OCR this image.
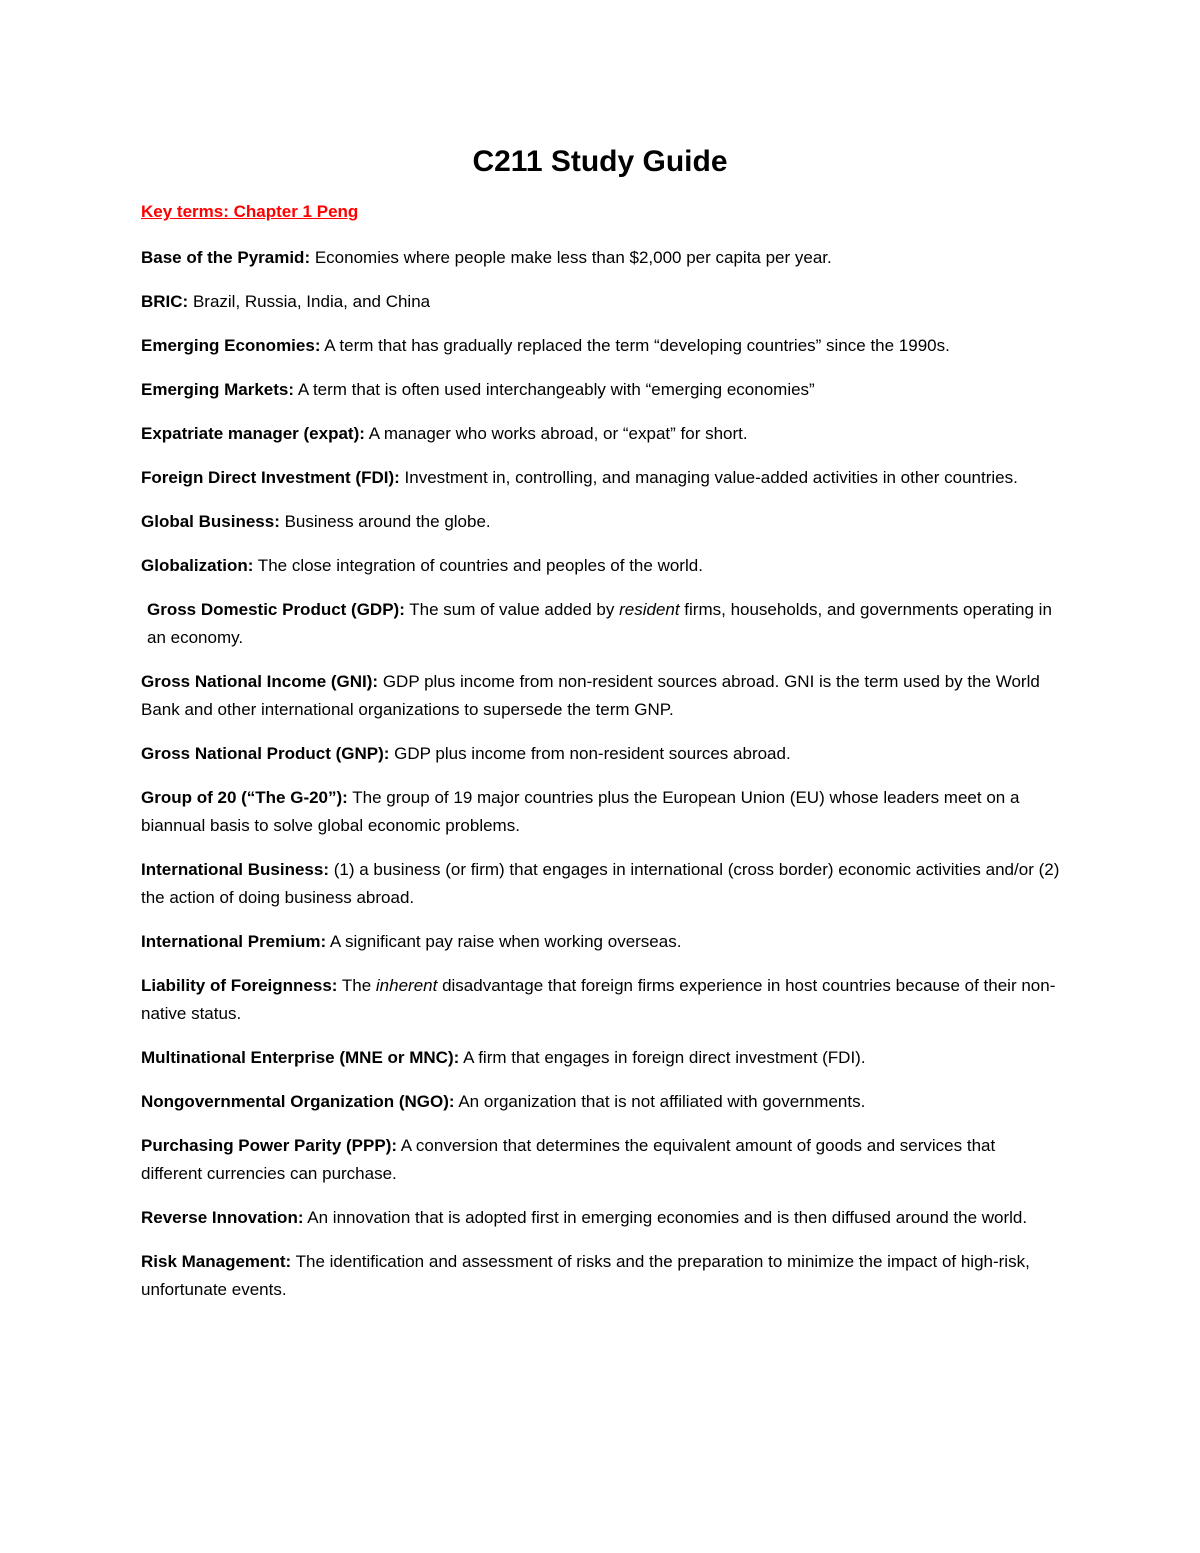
C211 Study Guide
Key terms: Chapter 1 Peng

Base of the Pyramid: Economies where people make less than $2,000 per capita per year.

BRIC: Brazil, Russia, India, and China

Emerging Economies: A term that has gradually replaced the term “developing countries” since the 1990s.

Emerging Markets: A term that is often used interchangeably with “emerging economies”

Expatriate manager (expat): A manager who works abroad, or “expat” for short.

Foreign Direct Investment (FDI): Investment in, controlling, and managing value-added activities in other countries.

Global Business: Business around the globe.

Globalization: The close integration of countries and peoples of the world.

Gross Domestic Product (GDP): The sum of value added by resident firms, households, and governments operating in an economy.

Gross National Income (GNI): GDP plus income from non-resident sources abroad. GNI is the term used by the World Bank and other international organizations to supersede the term GNP.

Gross National Product (GNP): GDP plus income from non-resident sources abroad.

Group of 20 (“The G-20”): The group of 19 major countries plus the European Union (EU) whose leaders meet on a biannual basis to solve global economic problems.

International Business: (1) a business (or firm) that engages in international (cross border) economic activities and/or (2) the action of doing business abroad.

International Premium: A significant pay raise when working overseas.

Liability of Foreignness: The inherent disadvantage that foreign firms experience in host countries because of their non-native status.

Multinational Enterprise (MNE or MNC): A firm that engages in foreign direct investment (FDI).

Nongovernmental Organization (NGO): An organization that is not affiliated with governments.

Purchasing Power Parity (PPP): A conversion that determines the equivalent amount of goods and services that different currencies can purchase.

Reverse Innovation: An innovation that is adopted first in emerging economies and is then diffused around the world.

Risk Management: The identification and assessment of risks and the preparation to minimize the impact of high-risk, unfortunate events.
